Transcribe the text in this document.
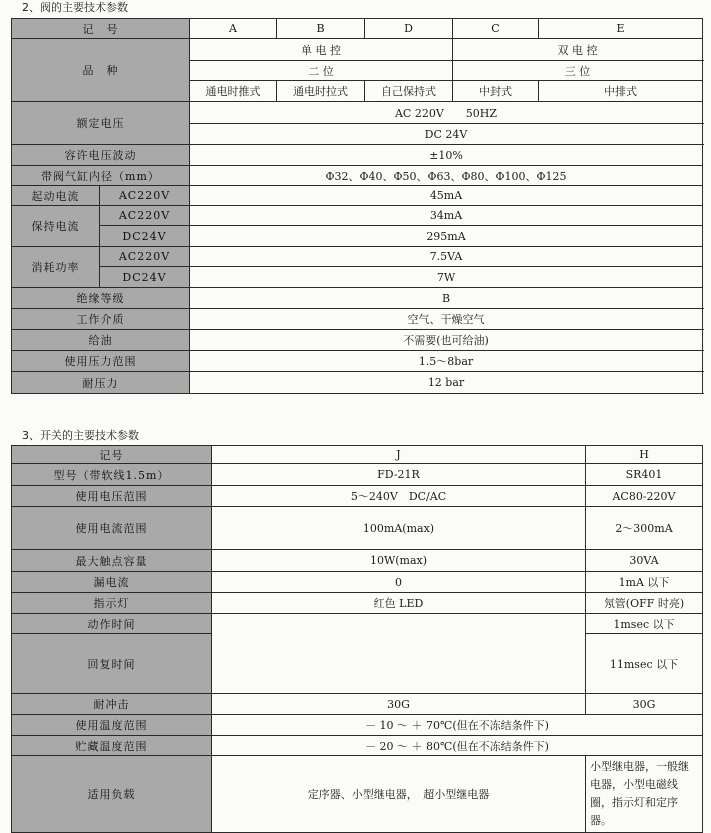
2、阀的主要技术参数
记　号		A	B	D	C	E	
品　种		单 电 控			双 电 控		
		二 位			三 位		
		通电时推式	通电时拉式	自己保持式	中封式	中排式	
额定电压		AC 220V　　50HZ					
		DC 24V					
容许电压波动		±10%					
带阀气缸内径（mm）		Φ32、Φ40、Φ50、Φ63、Φ80、Φ100、Φ125	
起动电流	AC220V	45mA	
保持电流	AC220V	34mA	
	DC24V	295mA	
消耗功率	AC220V	7.5VA	
	DC24V	7W	
绝缘等级		B					
工作介质		空气、干燥空气					
给油		不需要(也可给油)					
使用压力范围		1.5～8bar					
耐压力		12 bar					
3、开关的主要技术参数
记号	J	H
型号（带软线1.5m）	FD-21R	SR401
使用电压范围	5～240V　DC/AC	AC80-220V
使用电流范围	100mA(max)	2～300mA
最大触点容量	10W(max)	30VA
漏电流	0	1mA 以下
指示灯	红色 LED	氖管(OFF 时亮)
动作时间		1msec 以下
回复时间		11msec 以下
耐冲击	30G	30G
使用温度范围	－ 10 ～ ＋ 70℃(但在不冻结条件下)	
贮藏温度范围	－ 20 ～ ＋ 80℃(但在不冻结条件下)	
适用负载	定序器、小型继电器，　超小型继电器	小型继电器，一般继电器，小型电磁线圈，指示灯和定序器。
